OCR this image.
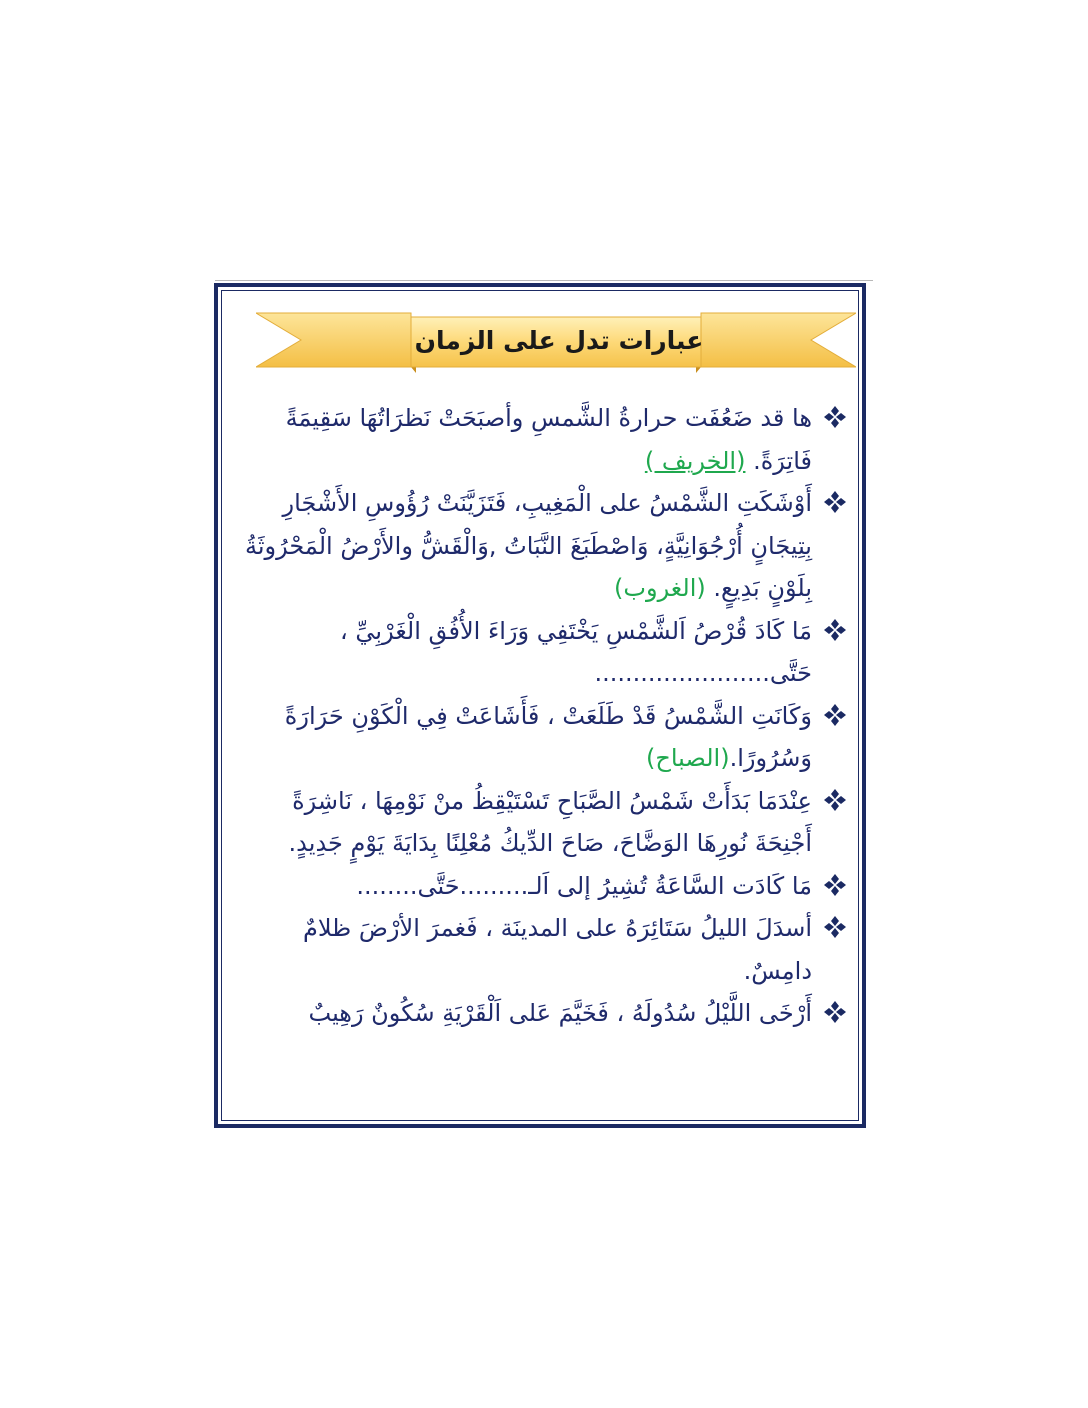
عبارات تدل على الزمان
ها قد ضَعُفَت حرارةُ الشَّمسِ وأصبَحَتْ نَظرَاتُهَا سَقِيمَةً فَاتِرَةً. (الخريف )
أَوْشَكَتِ الشَّمْسُ على الْمَغِيبِ، فَتَزَيَّنَتْ رُؤُوسِ الأَشْجَارِ بِتِيجَانٍ أُرْجُوَانِيَّةٍ، وَاصْطَبَغَ النَّبَاتُ ,وَالْقَشُّ والأَرْضُ الْمَحْرُوثَةُ بِلَوْنٍ بَدِيعٍ. (الغروب)
مَا كَادَ قُرْصُ اَلشَّمْسِ يَخْتَفِي وَرَاءَ الأُفُقِ الْغَرْبِيِّ ، حَتَّى.......................
وَكَانَتِ الشَّمْسُ قَدْ طَلَعَتْ ، فَأَشَاعَتْ فِي الْكَوْنِ حَرَارَةً وَسُرُورًا.(الصباح)
عِنْدَمَا بَدَأَتْ شَمْسُ الصَّبَاحِ تَسْتَيْقِظُ منْ نَوْمِهَا ، نَاشِرَةً أَجْنِحَةَ نُورِهَا الوَضَّاحَ، صَاحَ الدِّيكُ مُعْلِنًا بِدَايَةَ يَوْمٍ جَدِيدٍ.
مَا كَادَت السَّاعَةُ تُشِيرُ إلى اَلـ.........حَتَّى........
أسدَلَ الليلُ سَتَائِرَهُ على المدينَة ، فَغمرَ الأرْضَ ظلامٌ دامِسٌ.
أَرْخَى اللَّيْلُ سُدُولَهُ ، فَخَيَّمَ عَلى اَلْقَرْيَةِ سُكُونٌ رَهِيبٌ
